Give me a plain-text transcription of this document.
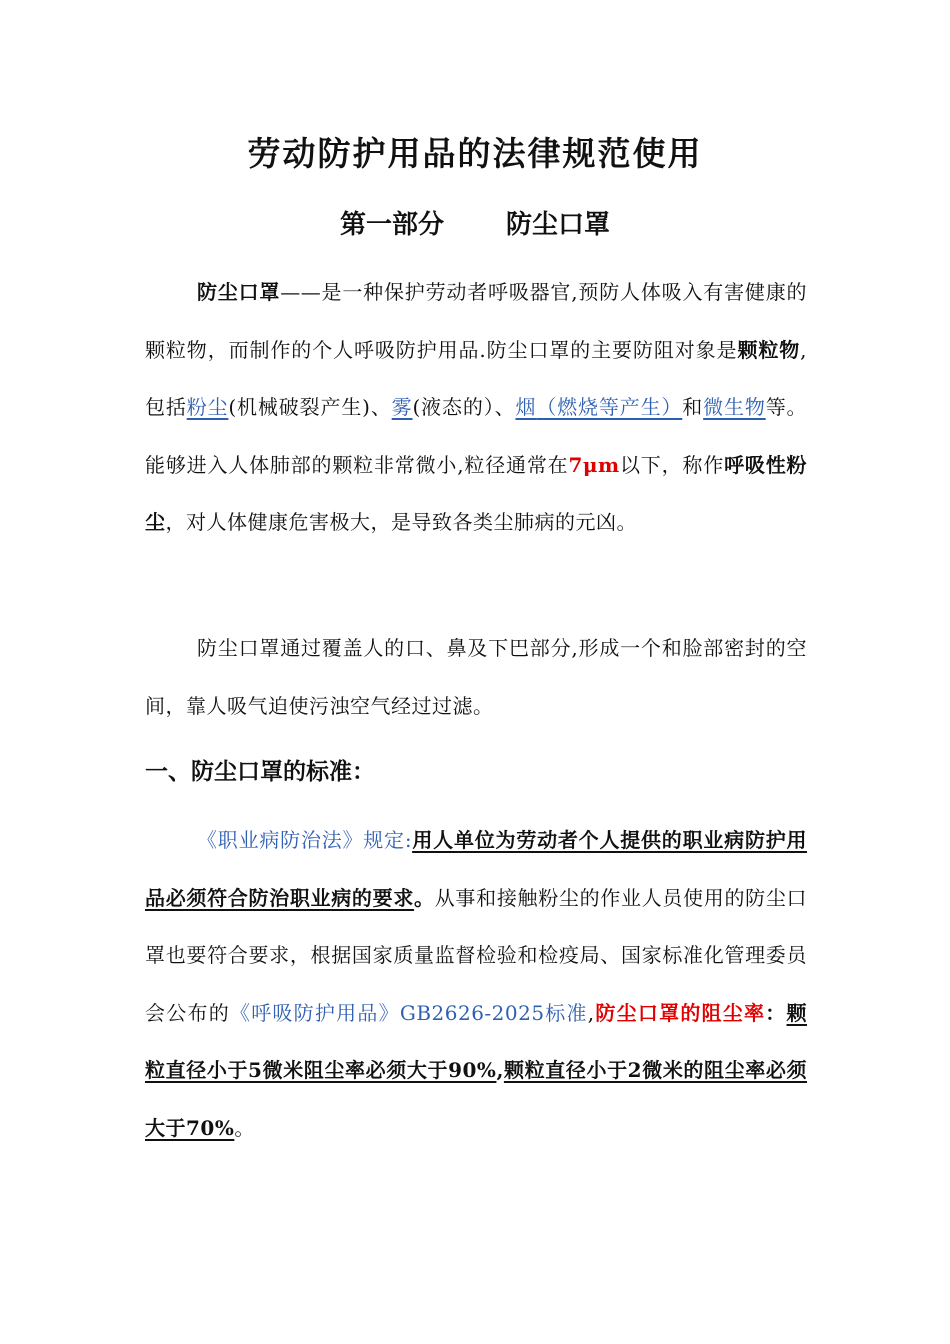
劳动防护用品的法律规范使用
第一部分 防尘口罩

防尘口罩——是一种保护劳动者呼吸器官,预防人体吸入有害健康的颗粒物，而制作的个人呼吸防护用品.防尘口罩的主要防阻对象是颗粒物,包括粉尘(机械破裂产生)、雾(液态的）、烟（燃烧等产生）和微生物等。能够进入人体肺部的颗粒非常微小,粒径通常在7μm以下，称作呼吸性粉尘，对人体健康危害极大，是导致各类尘肺病的元凶。

防尘口罩通过覆盖人的口、鼻及下巴部分,形成一个和脸部密封的空间，靠人吸气迫使污浊空气经过过滤。

一、防尘口罩的标准：

《职业病防治法》规定:用人单位为劳动者个人提供的职业病防护用品必须符合防治职业病的要求。从事和接触粉尘的作业人员使用的防尘口罩也要符合要求，根据国家质量监督检验和检疫局、国家标准化管理委员会公布的《呼吸防护用品》GB2626-2025标准,防尘口罩的阻尘率：颗粒直径小于5微米阻尘率必须大于90%,颗粒直径小于2微米的阻尘率必须大于70%。
